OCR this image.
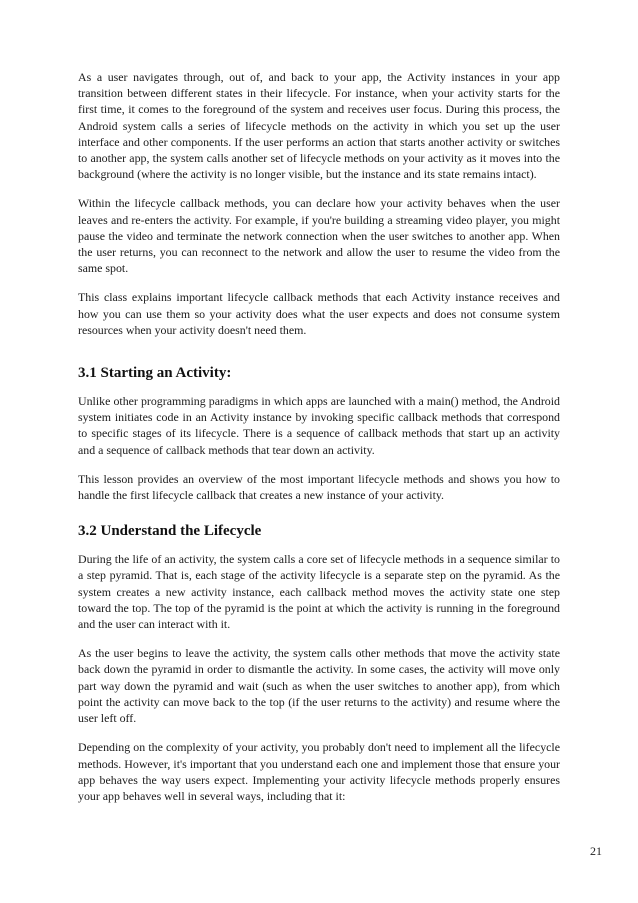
As a user navigates through, out of, and back to your app, the Activity instances in your app transition between different states in their lifecycle. For instance, when your activity starts for the first time, it comes to the foreground of the system and receives user focus. During this process, the Android system calls a series of lifecycle methods on the activity in which you set up the user interface and other components. If the user performs an action that starts another activity or switches to another app, the system calls another set of lifecycle methods on your activity as it moves into the background (where the activity is no longer visible, but the instance and its state remains intact).

Within the lifecycle callback methods, you can declare how your activity behaves when the user leaves and re-enters the activity. For example, if you're building a streaming video player, you might pause the video and terminate the network connection when the user switches to another app. When the user returns, you can reconnect to the network and allow the user to resume the video from the same spot.

This class explains important lifecycle callback methods that each Activity instance receives and how you can use them so your activity does what the user expects and does not consume system resources when your activity doesn't need them.

3.1 Starting an Activity:

Unlike other programming paradigms in which apps are launched with a main() method, the Android system initiates code in an Activity instance by invoking specific callback methods that correspond to specific stages of its lifecycle. There is a sequence of callback methods that start up an activity and a sequence of callback methods that tear down an activity.

This lesson provides an overview of the most important lifecycle methods and shows you how to handle the first lifecycle callback that creates a new instance of your activity.

3.2 Understand the Lifecycle

During the life of an activity, the system calls a core set of lifecycle methods in a sequence similar to a step pyramid. That is, each stage of the activity lifecycle is a separate step on the pyramid. As the system creates a new activity instance, each callback method moves the activity state one step toward the top. The top of the pyramid is the point at which the activity is running in the foreground and the user can interact with it.

As the user begins to leave the activity, the system calls other methods that move the activity state back down the pyramid in order to dismantle the activity. In some cases, the activity will move only part way down the pyramid and wait (such as when the user switches to another app), from which point the activity can move back to the top (if the user returns to the activity) and resume where the user left off.

Depending on the complexity of your activity, you probably don't need to implement all the lifecycle methods. However, it's important that you understand each one and implement those that ensure your app behaves the way users expect. Implementing your activity lifecycle methods properly ensures your app behaves well in several ways, including that it:

21
